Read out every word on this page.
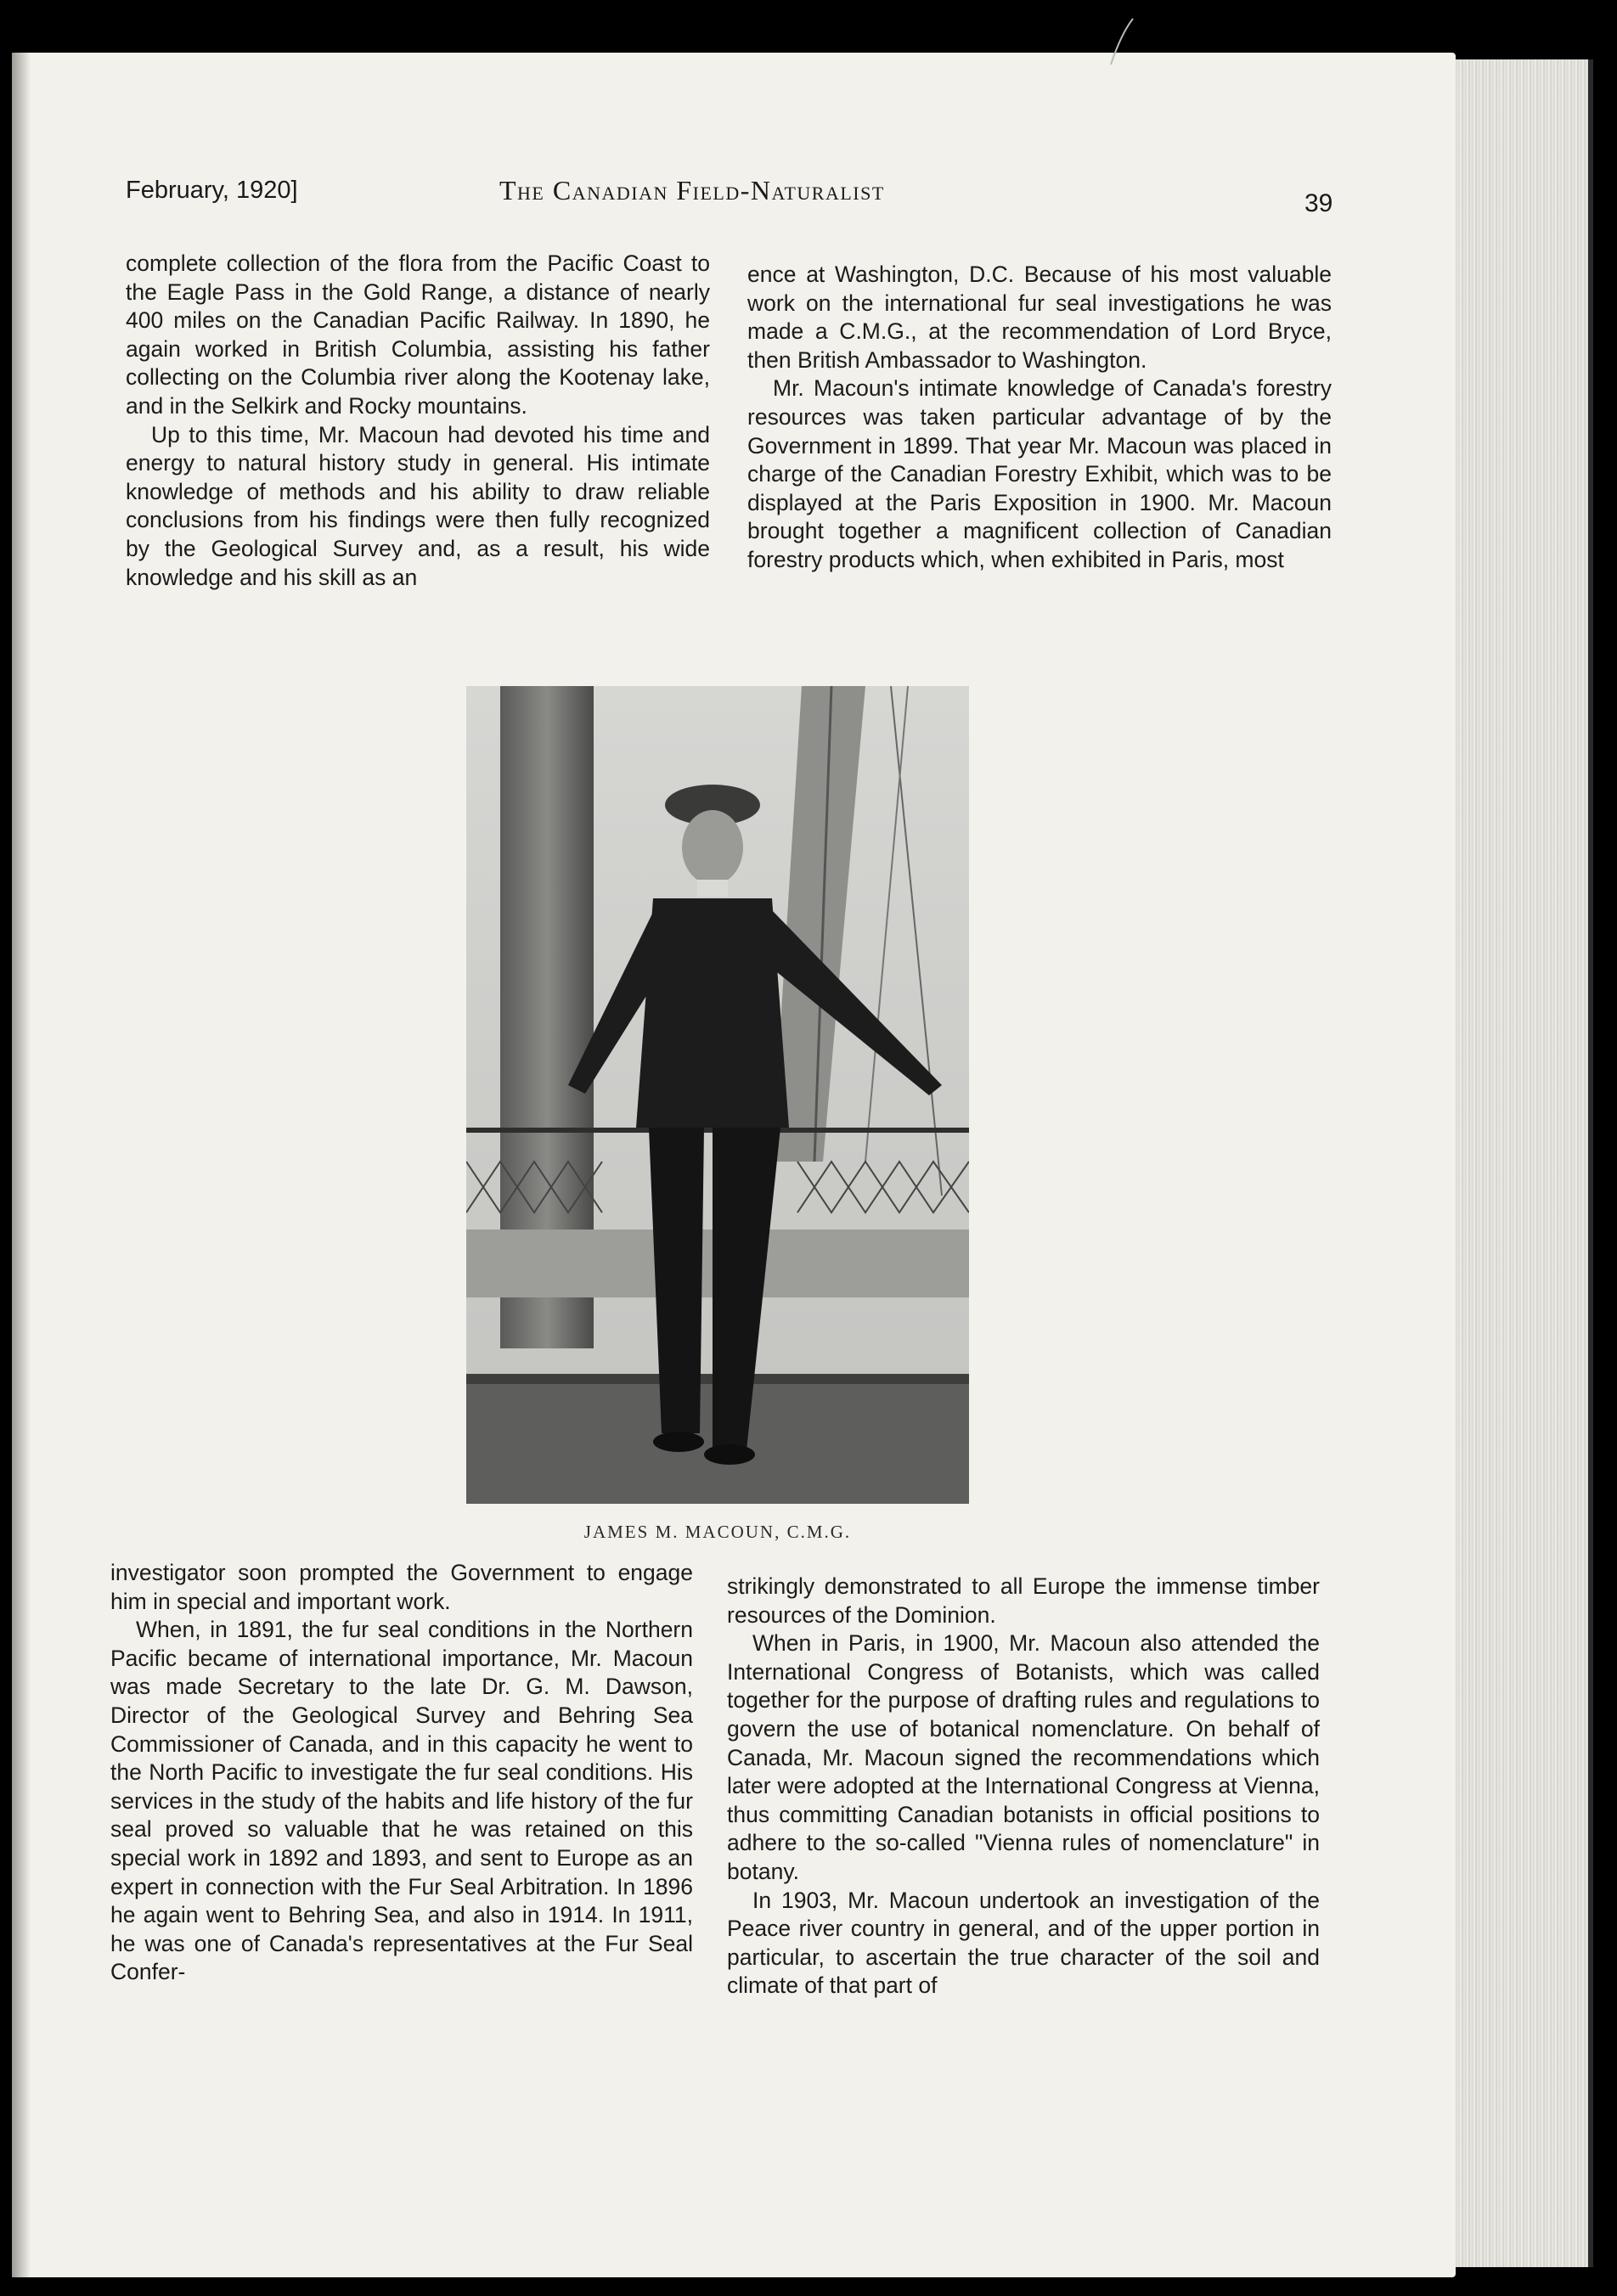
February, 1920]	The Canadian Field-Naturalist	39

complete collection of the flora from the Pacific Coast to the Eagle Pass in the Gold Range, a distance of nearly 400 miles on the Canadian Pacific Railway. In 1890, he again worked in British Columbia, assisting his father collecting on the Columbia river along the Kootenay lake, and in the Selkirk and Rocky mountains.

Up to this time, Mr. Macoun had devoted his time and energy to natural history study in general. His intimate knowledge of methods and his ability to draw reliable conclusions from his findings were then fully recognized by the Geological Survey and, as a result, his wide knowledge and his skill as an

ence at Washington, D.C. Because of his most valuable work on the international fur seal investigations he was made a C.M.G., at the recommendation of Lord Bryce, then British Ambassador to Washington.

Mr. Macoun's intimate knowledge of Canada's forestry resources was taken particular advantage of by the Government in 1899. That year Mr. Macoun was placed in charge of the Canadian Forestry Exhibit, which was to be displayed at the Paris Exposition in 1900. Mr. Macoun brought together a magnificent collection of Canadian forestry products which, when exhibited in Paris, most

JAMES M. MACOUN, C.M.G.

investigator soon prompted the Government to engage him in special and important work.

When, in 1891, the fur seal conditions in the Northern Pacific became of international importance, Mr. Macoun was made Secretary to the late Dr. G. M. Dawson, Director of the Geological Survey and Behring Sea Commissioner of Canada, and in this capacity he went to the North Pacific to investigate the fur seal conditions. His services in the study of the habits and life history of the fur seal proved so valuable that he was retained on this special work in 1892 and 1893, and sent to Europe as an expert in connection with the Fur Seal Arbitration. In 1896 he again went to Behring Sea, and also in 1914. In 1911, he was one of Canada's representatives at the Fur Seal Confer-

strikingly demonstrated to all Europe the immense timber resources of the Dominion.

When in Paris, in 1900, Mr. Macoun also attended the International Congress of Botanists, which was called together for the purpose of drafting rules and regulations to govern the use of botanical nomenclature. On behalf of Canada, Mr. Macoun signed the recommendations which later were adopted at the International Congress at Vienna, thus committing Canadian botanists in official positions to adhere to the so-called "Vienna rules of nomenclature" in botany.

In 1903, Mr. Macoun undertook an investigation of the Peace river country in general, and of the upper portion in particular, to ascertain the true character of the soil and climate of that part of
